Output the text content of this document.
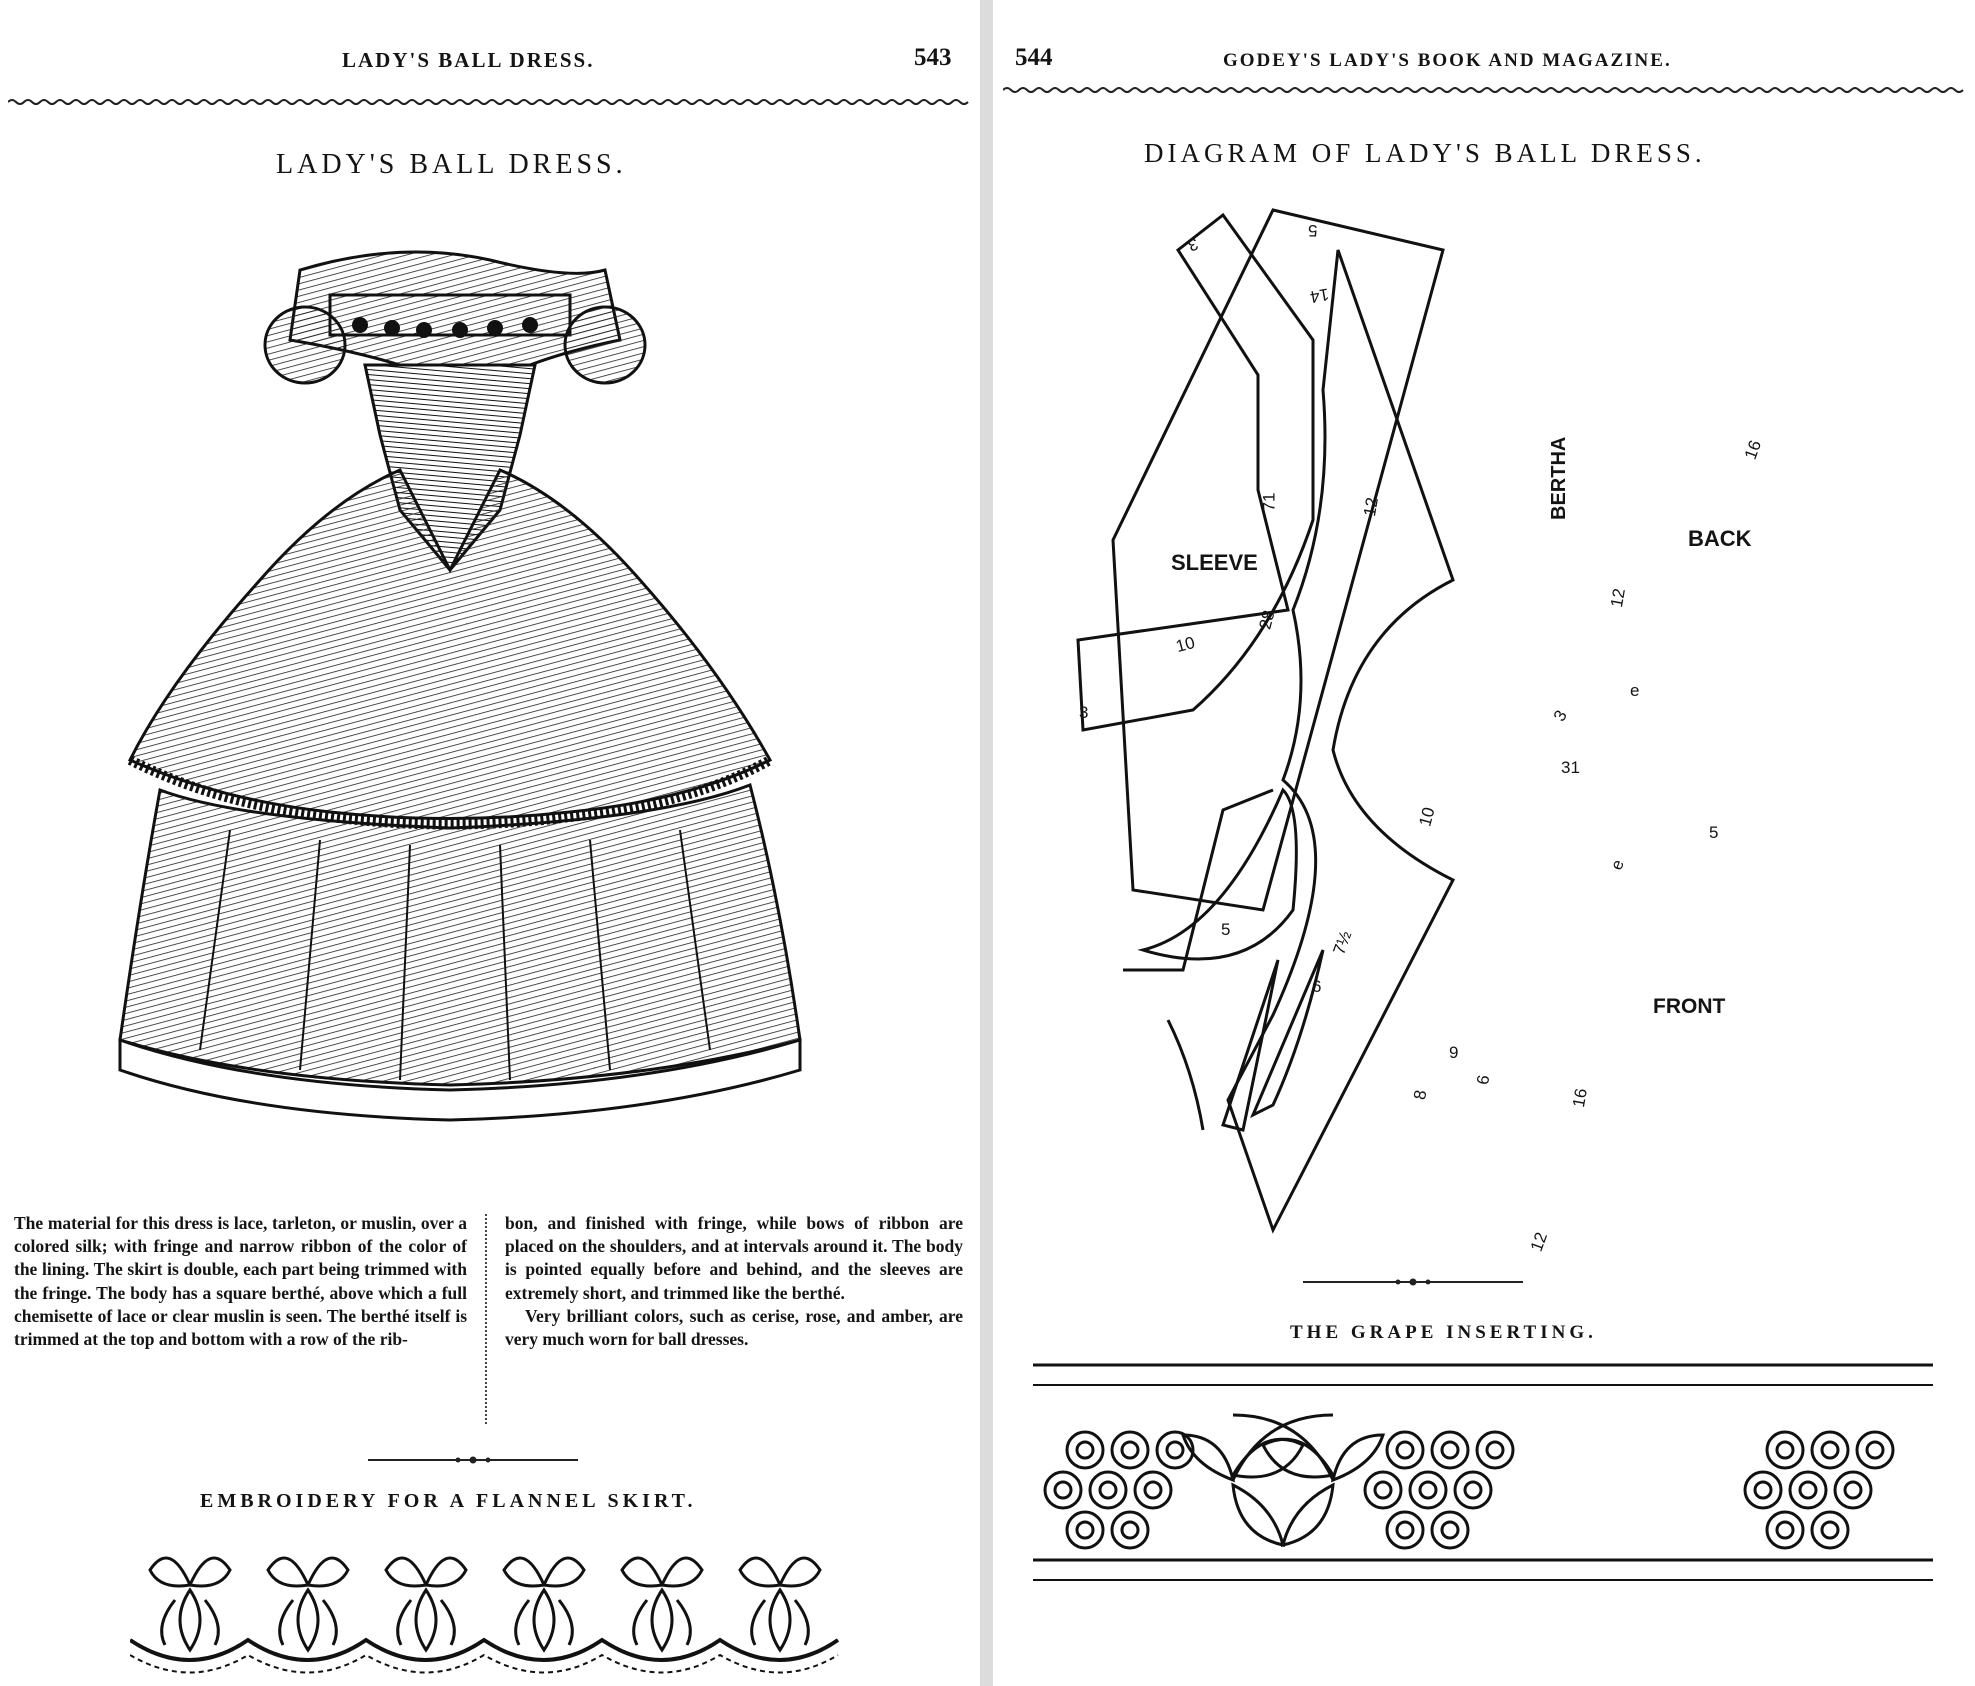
LADY'S BALL DRESS.	543
LADY'S BALL DRESS.

The material for this dress is lace, tarleton, or muslin, over a colored silk; with fringe and narrow ribbon of the color of the lining. The skirt is double, each part being trimmed with the fringe. The body has a square berthé, above which a full chemisette of lace or clear muslin is seen. The berthé itself is trimmed at the top and bottom with a row of the rib-

bon, and finished with fringe, while bows of ribbon are placed on the shoulders, and at intervals around it. The body is pointed equally before and behind, and the sleeves are extremely short, and trimmed like the berthé.

Very brilliant colors, such as cerise, rose, and amber, are very much worn for ball dresses.

EMBROIDERY FOR A FLANNEL SKIRT.
544	GODEY'S LADY'S BOOK AND MAGAZINE.
DIAGRAM OF LADY'S BALL DRESS.
SLEEVE
BERTHA
BACK
FRONT
5
28
5
3
3
10
71
14
12
12
16
3
31
e
e
5
10
7½
6
9
8
6
16
12
THE GRAPE INSERTING.
